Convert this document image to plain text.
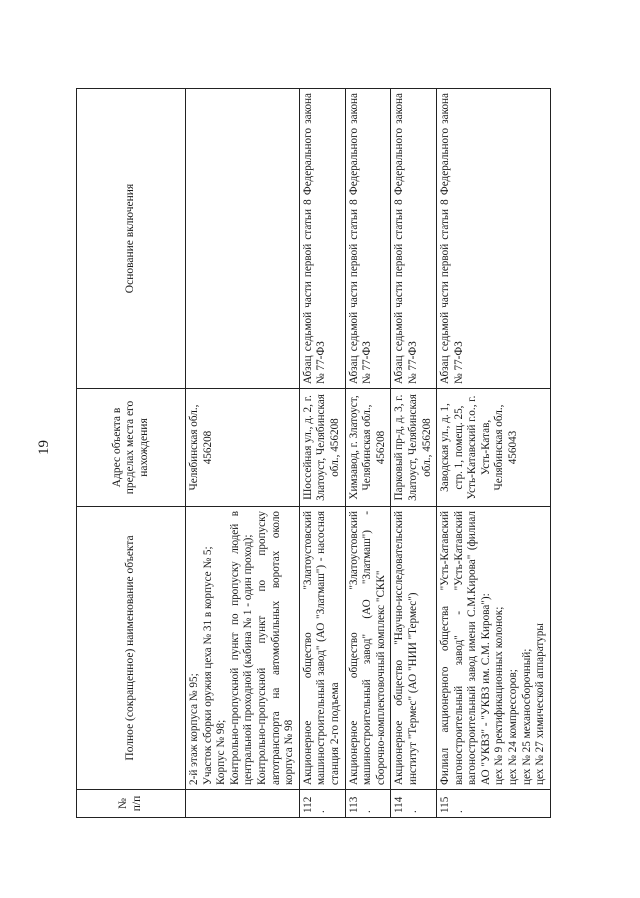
19
№ п/п	Полное (сокращенное) наименование объекта	Адрес объекта в пределах места его нахождения	Основание включения

	2-й этаж корпуса № 95; Участок сборки оружия цеха № 31 в корпусе № 5; Корпус № 98; Контрольно-пропускной пункт по пропуску людей в центральной проходной (кабина № 1 - один проход); Контрольно-пропускной пункт по пропуску автотранспорта на автомобильных воротах около корпуса № 98	Челябинская обл., 456208	
112.	Акционерное общество "Златоустовский машиностроительный завод" (АО "Златмаш") - насосная станция 2-го подъема	Шоссейная ул., д. 2, г. Златоуст, Челябинская обл., 456208	Абзац седьмой части первой статьи 8 Федерального закона № 77-ФЗ
113.	Акционерное общество "Златоустовский машиностроительный завод" (АО "Златмаш") - сборочно-комплектовочный комплекс "СКК"	Химзавод, г. Златоуст, Челябинская обл., 456208	Абзац седьмой части первой статьи 8 Федерального закона № 77-ФЗ
114.	Акционерное общество "Научно-исследовательский институт "Термес" (АО "НИИ "Термес")	Парковый пр-д, д. 3, г. Златоуст, Челябинская обл., 456208	Абзац седьмой части первой статьи 8 Федерального закона № 77-ФЗ
115.	Филиал акционерного общества "Усть-Катавский вагоностроительный завод" - "Усть-Катавский вагоностроительный завод имени С.М.Кирова" (филиал АО "УКВЗ" - "УКВЗ им. С.М. Кирова"): цех № 9 ректификационных колонок; цех № 24 компрессоров; цех № 25 механосборочный; цех № 27 химической аппаратуры	Заводская ул., д. 1, стр. 1, помещ. 25, Усть-Катавский г.о., г. Усть-Катав, Челябинская обл., 456043	Абзац седьмой части первой статьи 8 Федерального закона № 77-ФЗ
